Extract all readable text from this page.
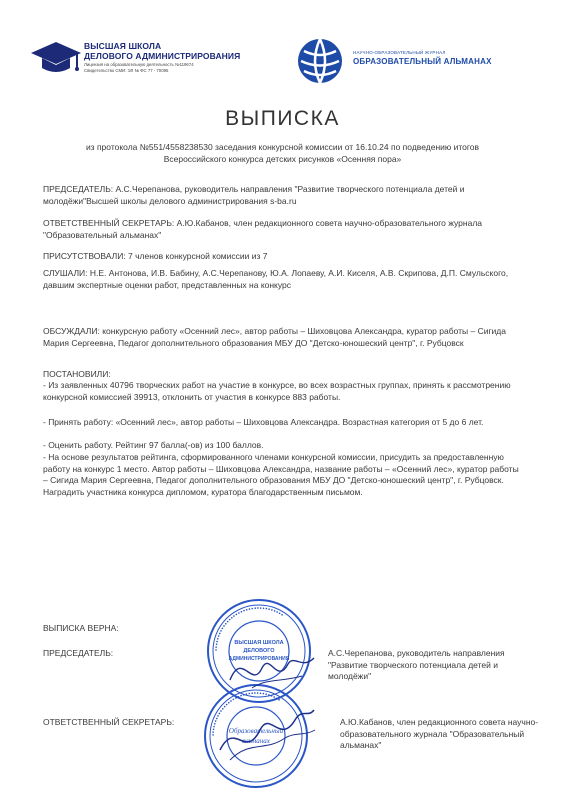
ВЫСШАЯ ШКОЛА
ДЕЛОВОГО АДМИНИСТРИРОВАНИЯ
Лицензия на образовательную деятельность №119674
Свидетельство СМИ: ЭЛ № ФС 77 - 70095
НАУЧНО-ОБРАЗОВАТЕЛЬНЫЙ ЖУРНАЛ
ОБРАЗОВАТЕЛЬНЫЙ АЛЬМАНАХ
ВЫПИСКА
из протокола №551/4558238530 заседания конкурсной комиссии от 16.10.24 по подведению итогов Всероссийского конкурса детских рисунков «Осенняя пора»
ПРЕДСЕДАТЕЛЬ: А.С.Черепанова, руководитель направления "Развитие творческого потенциала детей и молодёжи"Высшей школы делового администрирования s-ba.ru
ОТВЕТСТВЕННЫЙ СЕКРЕТАРЬ: А.Ю.Кабанов, член редакционного совета научно-образовательного журнала "Образовательный альманах"
ПРИСУТСТВОВАЛИ: 7 членов конкурсной комиссии из 7
СЛУШАЛИ: Н.Е. Антонова, И.В. Бабину, А.С.Черепанову, Ю.А. Лопаеву, А.И. Киселя, А.В. Скрипова, Д.П. Смульского, давшим экспертные оценки работ, представленных на конкурс
ОБСУЖДАЛИ: конкурсную работу «Осенний лес», автор работы – Шиховцова Александра, куратор работы – Сигида Мария Сергеевна, Педагог дополнительного образования МБУ ДО "Детско-юношеский центр", г. Рубцовск
ПОСТАНОВИЛИ:
- Из заявленных 40796 творческих работ на участие в конкурсе, во всех возрастных группах, принять к рассмотрению конкурсной комиссией 39913, отклонить от участия в конкурсе 883 работы.
- Принять работу: «Осенний лес», автор работы – Шиховцова Александра. Возрастная категория от 5 до 6 лет.
- Оценить работу. Рейтинг 97 балла(-ов) из 100 баллов.
- На основе результатов рейтинга, сформированного членами конкурсной комиссии, присудить за предоставленную работу на конкурс 1 место. Автор работы – Шиховцова Александра, название работы – «Осенний лес», куратор работы – Сигида Мария Сергеевна, Педагог дополнительного образования МБУ ДО "Детско-юношеский центр", г. Рубцовск. Наградить участника конкурса дипломом, куратора благодарственным письмом.
ВЫПИСКА ВЕРНА:
ПРЕДСЕДАТЕЛЬ:	А.С.Черепанова, руководитель направления "Развитие творческого потенциала детей и молодёжи"
ОТВЕТСТВЕННЫЙ СЕКРЕТАРЬ:	А.Ю.Кабанов, член редакционного совета научно-образовательного журнала "Образовательный альманах"
•••••••••••••••••••••••••••••••••
ВЫСШАЯ ШКОЛА
ДЕЛОВОГО
АДМИНИСТРИРОВАНИЯ
•••••••••••••••••••••••••••••••••
Образовательный
альманах
